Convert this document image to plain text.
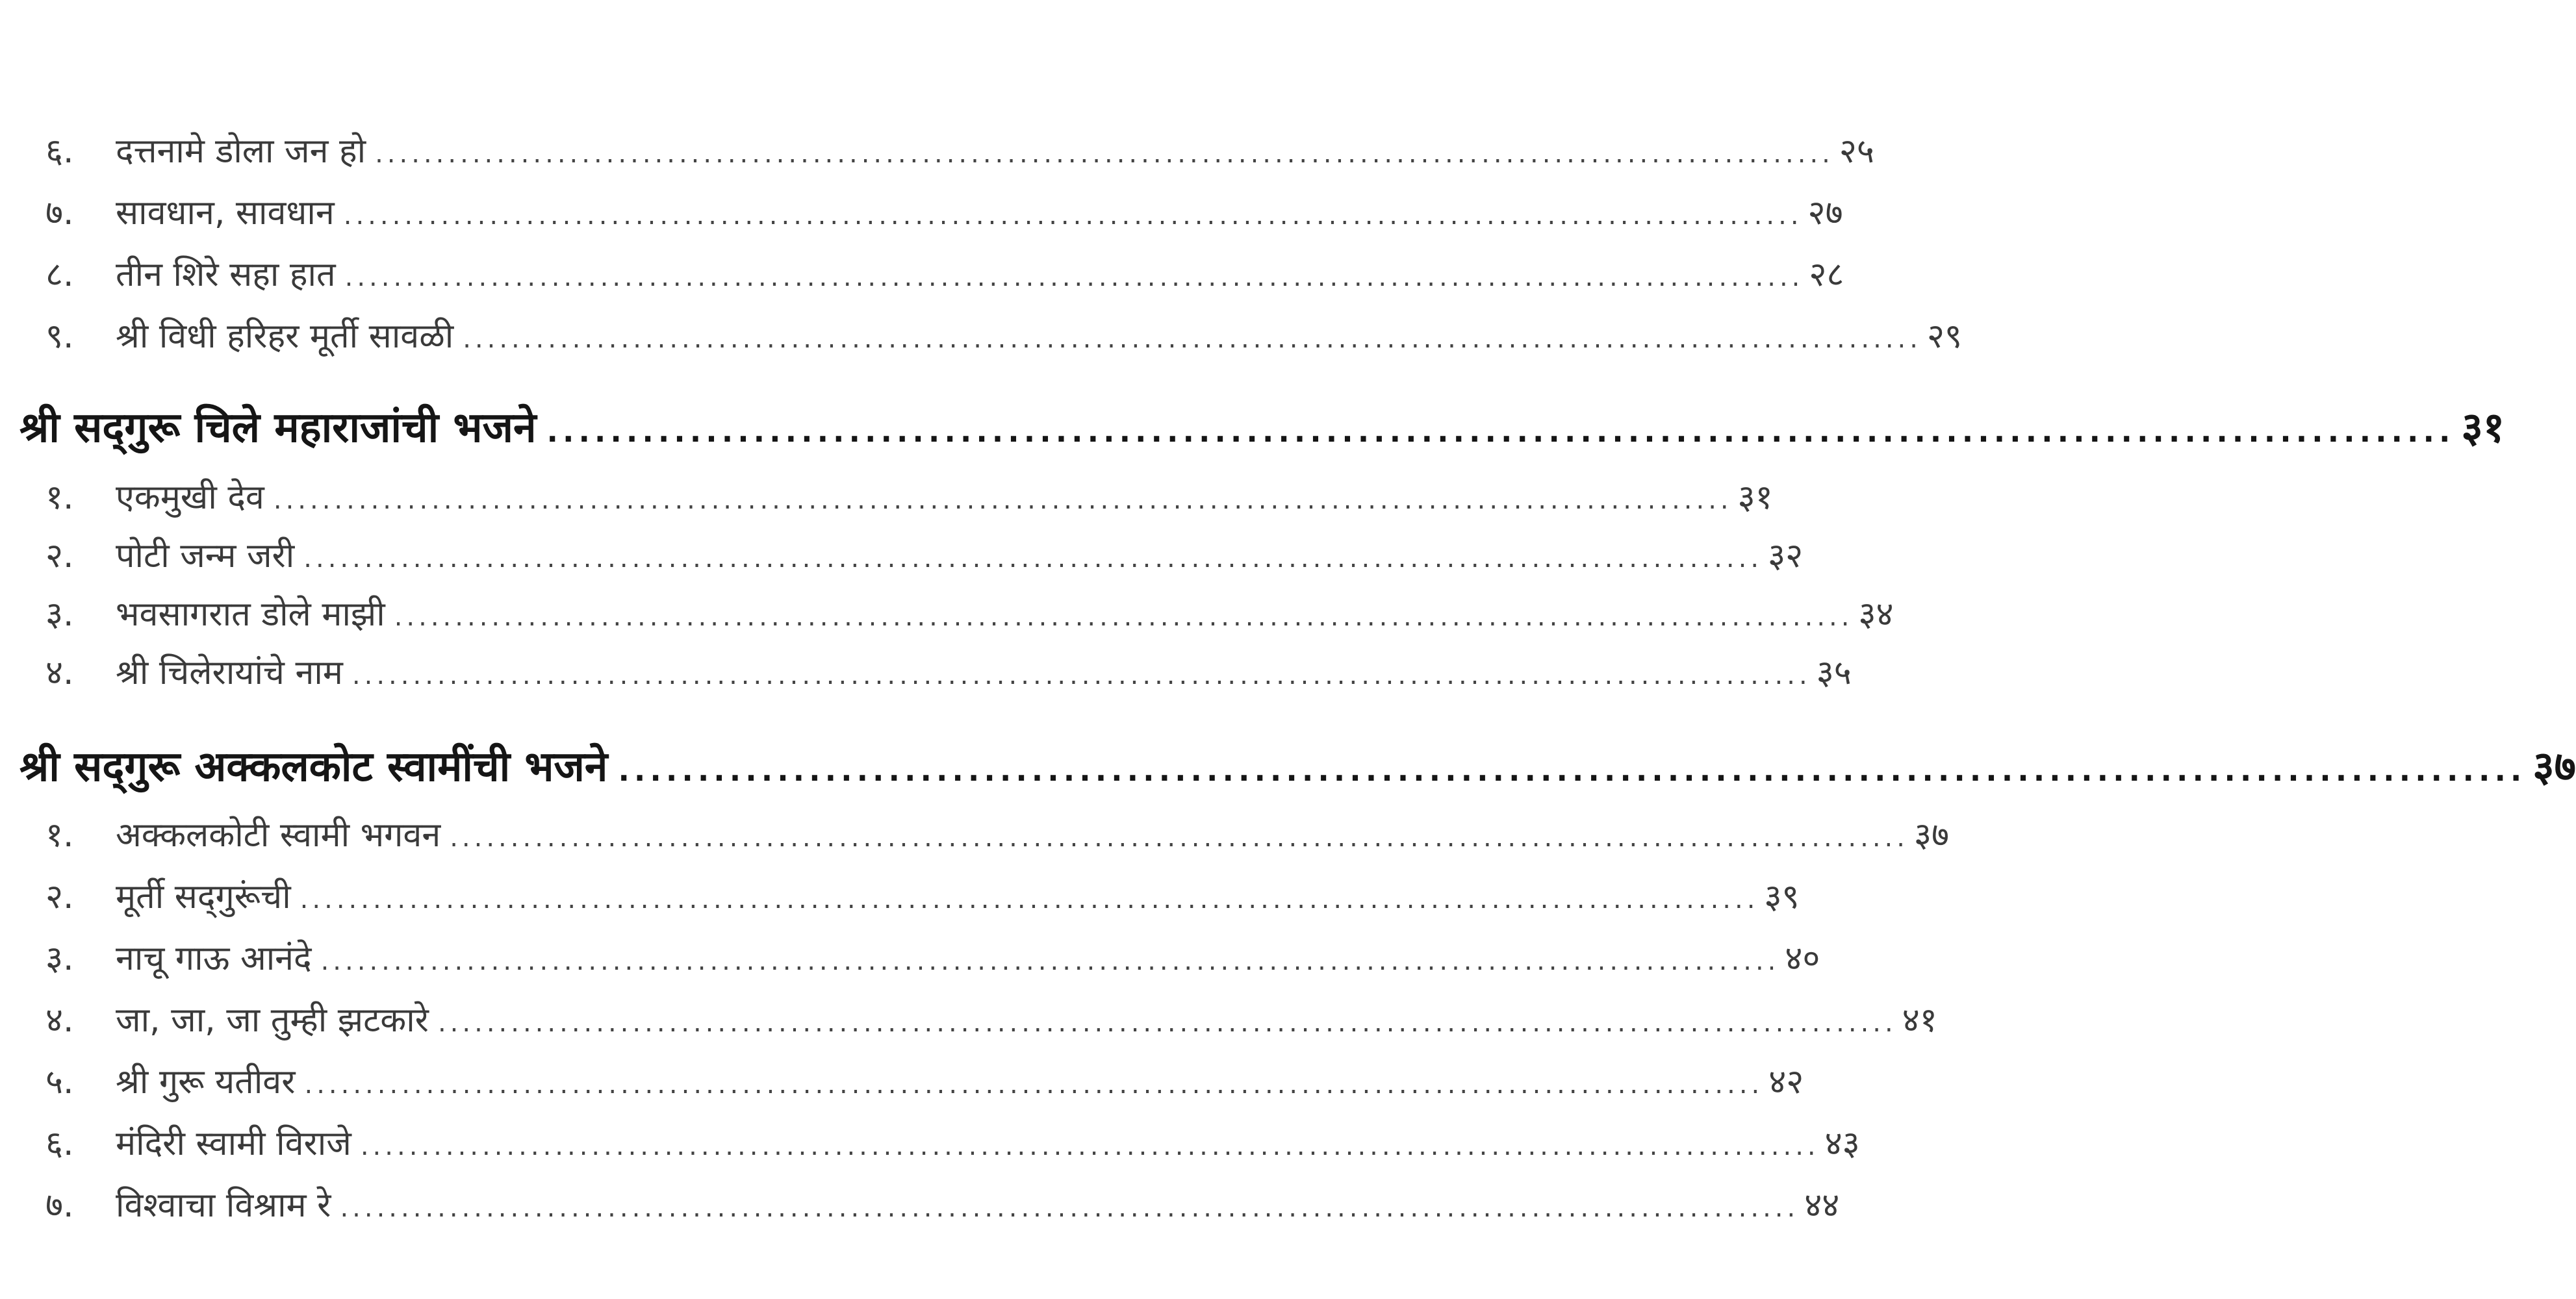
६.	दत्तनामे डोला जन हो ........................................................................................................................ २५
७.	सावधान, सावधान ........................................................................................................................ २७
८.	तीन शिरे सहा हात ........................................................................................................................ २८
९.	श्री विधी हरिहर मूर्ती सावळी ........................................................................................................................ २९
श्री सद्‌गुरू चिले महाराजांची भजने ........................................................................................................................ ३१
१.	एकमुखी देव ........................................................................................................................ ३१
२.	पोटी जन्म जरी ........................................................................................................................ ३२
३.	भवसागरात डोले माझी ........................................................................................................................ ३४
४.	श्री चिलेरायांचे नाम ........................................................................................................................ ३५
श्री सद्‌गुरू अक्कलकोट स्वामींची भजने ........................................................................................................................ ३७
१.	अक्कलकोटी स्वामी भगवन ........................................................................................................................ ३७
२.	मूर्ती सद्‌गुरूंची ........................................................................................................................ ३९
३.	नाचू गाऊ आनंदे ........................................................................................................................ ४०
४.	जा, जा, जा तुम्ही झटकारे ........................................................................................................................ ४१
५.	श्री गुरू यतीवर ........................................................................................................................ ४२
६.	मंदिरी स्वामी विराजे ........................................................................................................................ ४३
७.	विश्वाचा विश्राम रे ........................................................................................................................ ४४
